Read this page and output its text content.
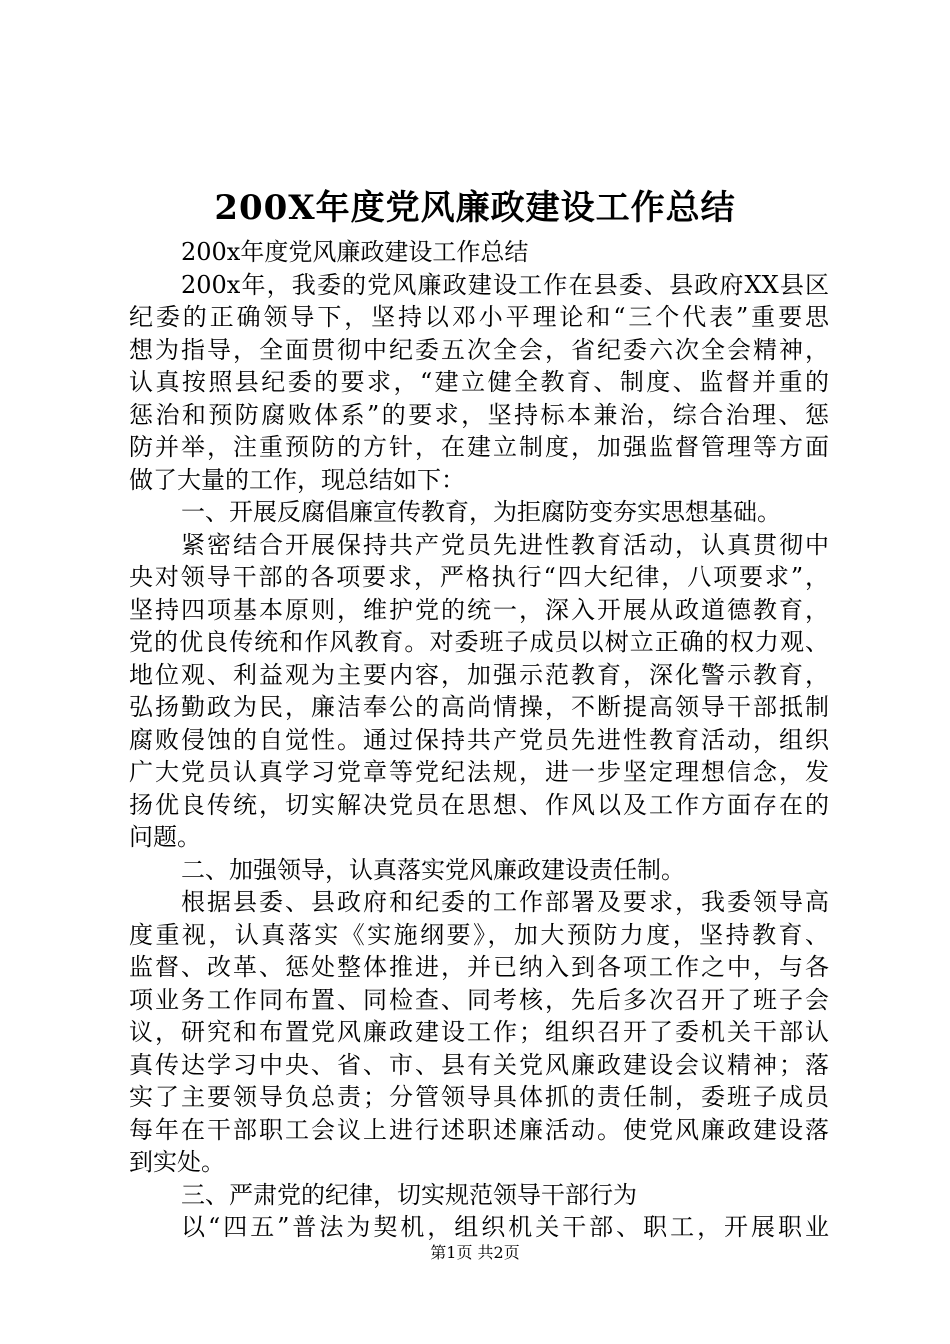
200X年度党风廉政建设工作总结
200x年度党风廉政建设工作总结
200x年，我委的党风廉政建设工作在县委、县政府XX县区
纪委的正确领导下，坚持以邓小平理论和“三个代表”重要思
想为指导，全面贯彻中纪委五次全会，省纪委六次全会精神，
认真按照县纪委的要求，“建立健全教育、制度、监督并重的
惩治和预防腐败体系”的要求，坚持标本兼治，综合治理、惩
防并举，注重预防的方针，在建立制度，加强监督管理等方面
做了大量的工作，现总结如下：
一、开展反腐倡廉宣传教育，为拒腐防变夯实思想基础。
紧密结合开展保持共产党员先进性教育活动，认真贯彻中
央对领导干部的各项要求，严格执行“四大纪律，八项要求”，
坚持四项基本原则，维护党的统一，深入开展从政道德教育，
党的优良传统和作风教育。对委班子成员以树立正确的权力观、
地位观、利益观为主要内容，加强示范教育，深化警示教育，
弘扬勤政为民，廉洁奉公的高尚情操，不断提高领导干部抵制
腐败侵蚀的自觉性。通过保持共产党员先进性教育活动，组织
广大党员认真学习党章等党纪法规，进一步坚定理想信念，发
扬优良传统，切实解决党员在思想、作风以及工作方面存在的
问题。
二、加强领导，认真落实党风廉政建设责任制。
根据县委、县政府和纪委的工作部署及要求，我委领导高
度重视，认真落实《实施纲要》，加大预防力度，坚持教育、
监督、改革、惩处整体推进，并已纳入到各项工作之中，与各
项业务工作同布置、同检查、同考核，先后多次召开了班子会
议，研究和布置党风廉政建设工作；组织召开了委机关干部认
真传达学习中央、省、市、县有关党风廉政建设会议精神；落
实了主要领导负总责；分管领导具体抓的责任制，委班子成员
每年在干部职工会议上进行述职述廉活动。使党风廉政建设落
到实处。
三、严肃党的纪律，切实规范领导干部行为
以“四五”普法为契机，组织机关干部、职工，开展职业
第1页 共2页
